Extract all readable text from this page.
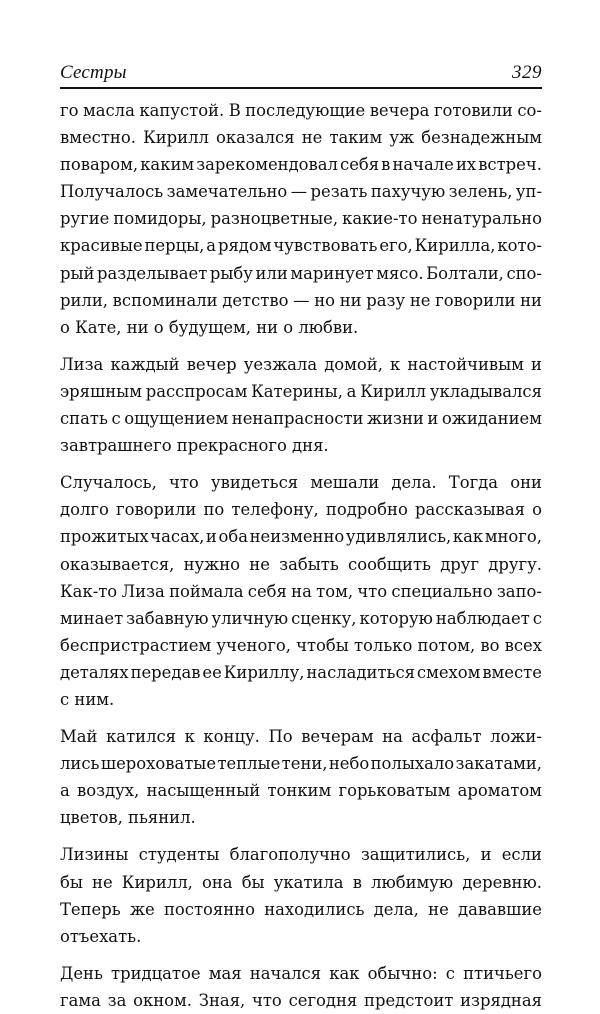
Сестры	329

го масла капустой. В последующие вечера готовили со-
вместно. Кирилл оказался не таким уж безнадежным
поваром, каким зарекомендовал себя в начале их встреч.
Получалось замечательно — резать пахучую зелень, уп-
ругие помидоры, разноцветные, какие-то ненатурально
красивые перцы, а рядом чувствовать его, Кирилла, кото-
рый разделывает рыбу или маринует мясо. Болтали, спо-
рили, вспоминали детство — но ни разу не говорили ни
о Кате, ни о будущем, ни о любви.

Лиза каждый вечер уезжала домой, к настойчивым и
эряшным расспросам Катерины, а Кирилл укладывался
спать с ощущением ненапрасности жизни и ожиданием
завтрашнего прекрасного дня.

Случалось, что увидеться мешали дела. Тогда они
долго говорили по телефону, подробно рассказывая о
прожитых часах, и оба неизменно удивлялись, как много,
оказывается, нужно не забыть сообщить друг другу.
Как-то Лиза поймала себя на том, что специально запо-
минает забавную уличную сценку, которую наблюдает с
беспристрастием ученого, чтобы только потом, во всех
деталях передав ее Кириллу, насладиться смехом вместе
с ним.

Май катился к концу. По вечерам на асфальт ложи-
лись шероховатые теплые тени, небо полыхало закатами,
а воздух, насыщенный тонким горьковатым ароматом
цветов, пьянил.

Лизины студенты благополучно защитились, и если
бы не Кирилл, она бы укатила в любимую деревню.
Теперь же постоянно находились дела, не дававшие
отъехать.

День тридцатое мая начался как обычно: с птичьего
гама за окном. Зная, что сегодня предстоит изрядная
